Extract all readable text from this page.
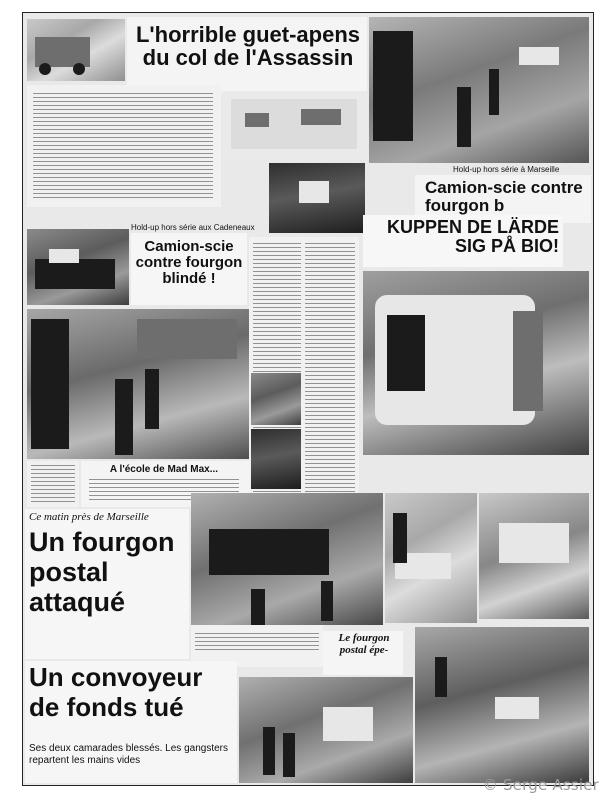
L'horrible guet-apens du col de l'Assassin

Hold-up hors série à Marseille

Camion-scie contre fourgon b
KUPPEN DE LÄRDE SIG PÅ BIO!

Hold-up hors série aux Cadeneaux

Camion-scie contre fourgon blindé !
A l'école de Mad Max...

Ce matin près de Marseille

Un fourgon postal attaqué
Le fourgon postal épe-
Un convoyeur de fonds tué

Ses deux camarades blessés. Les gangsters repartent les mains vides

© Serge Assier
